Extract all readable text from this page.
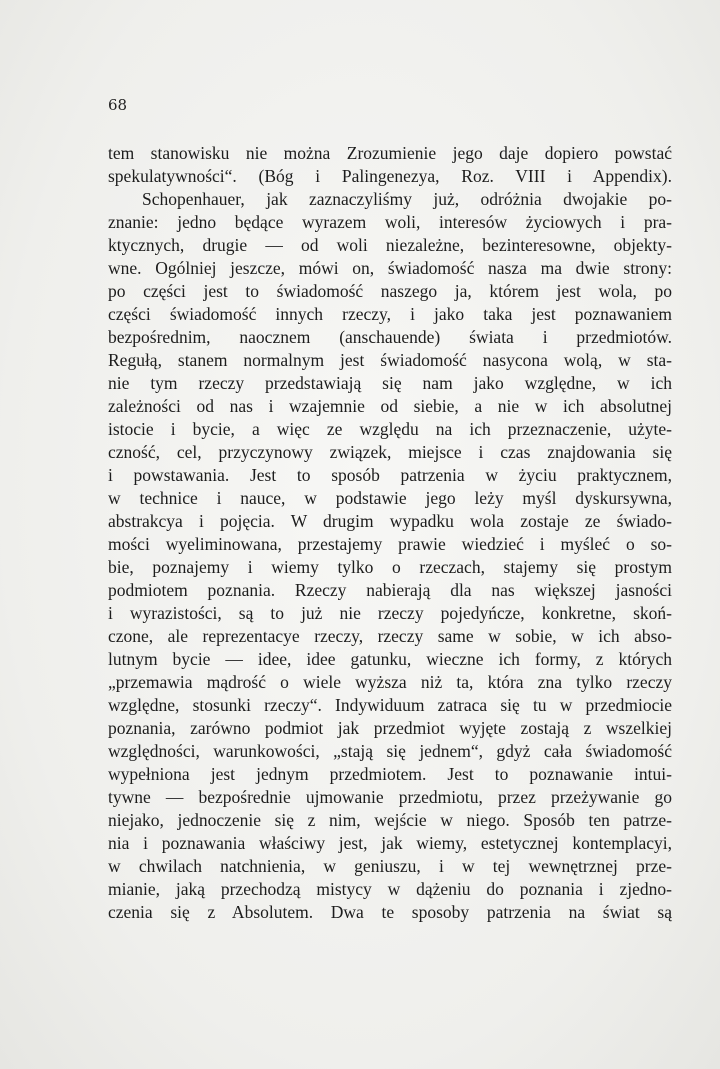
68
tem stanowisku nie można Zrozumienie jego daje dopiero powstać
spekulatywności“. (Bóg i Palingenezya, Roz. VIII i Appendix).
Schopenhauer, jak zaznaczyliśmy już, odróżnia dwojakie po-
znanie: jedno będące wyrazem woli, interesów życiowych i pra-
ktycznych, drugie — od woli niezależne, bezinteresowne, objekty-
wne. Ogólniej jeszcze, mówi on, świadomość nasza ma dwie strony:
po części jest to świadomość naszego ja, którem jest wola, po
części świadomość innych rzeczy, i jako taka jest poznawaniem
bezpośrednim, naocznem (anschauende) świata i przedmiotów.
Regułą, stanem normalnym jest świadomość nasycona wolą, w sta-
nie tym rzeczy przedstawiają się nam jako względne, w ich
zależności od nas i wzajemnie od siebie, a nie w ich absolutnej
istocie i bycie, a więc ze względu na ich przeznaczenie, użyte-
czność, cel, przyczynowy związek, miejsce i czas znajdowania się
i powstawania. Jest to sposób patrzenia w życiu praktycznem,
w technice i nauce, w podstawie jego leży myśl dyskursywna,
abstrakcya i pojęcia. W drugim wypadku wola zostaje ze świado-
mości wyeliminowana, przestajemy prawie wiedzieć i myśleć o so-
bie, poznajemy i wiemy tylko o rzeczach, stajemy się prostym
podmiotem poznania. Rzeczy nabierają dla nas większej jasności
i wyrazistości, są to już nie rzeczy pojedyńcze, konkretne, skoń-
czone, ale reprezentacye rzeczy, rzeczy same w sobie, w ich abso-
lutnym bycie — idee, idee gatunku, wieczne ich formy, z których
„przemawia mądrość o wiele wyższa niż ta, która zna tylko rzeczy
względne, stosunki rzeczy“. Indywiduum zatraca się tu w przedmiocie
poznania, zarówno podmiot jak przedmiot wyjęte zostają z wszelkiej
względności, warunkowości, „stają się jednem“, gdyż cała świadomość
wypełniona jest jednym przedmiotem. Jest to poznawanie intui-
tywne — bezpośrednie ujmowanie przedmiotu, przez przeżywanie go
niejako, jednoczenie się z nim, wejście w niego. Sposób ten patrze-
nia i poznawania właściwy jest, jak wiemy, estetycznej kontemplacyi,
w chwilach natchnienia, w geniuszu, i w tej wewnętrznej prze-
mianie, jaką przechodzą mistycy w dążeniu do poznania i zjedno-
czenia się z Absolutem. Dwa te sposoby patrzenia na świat są
